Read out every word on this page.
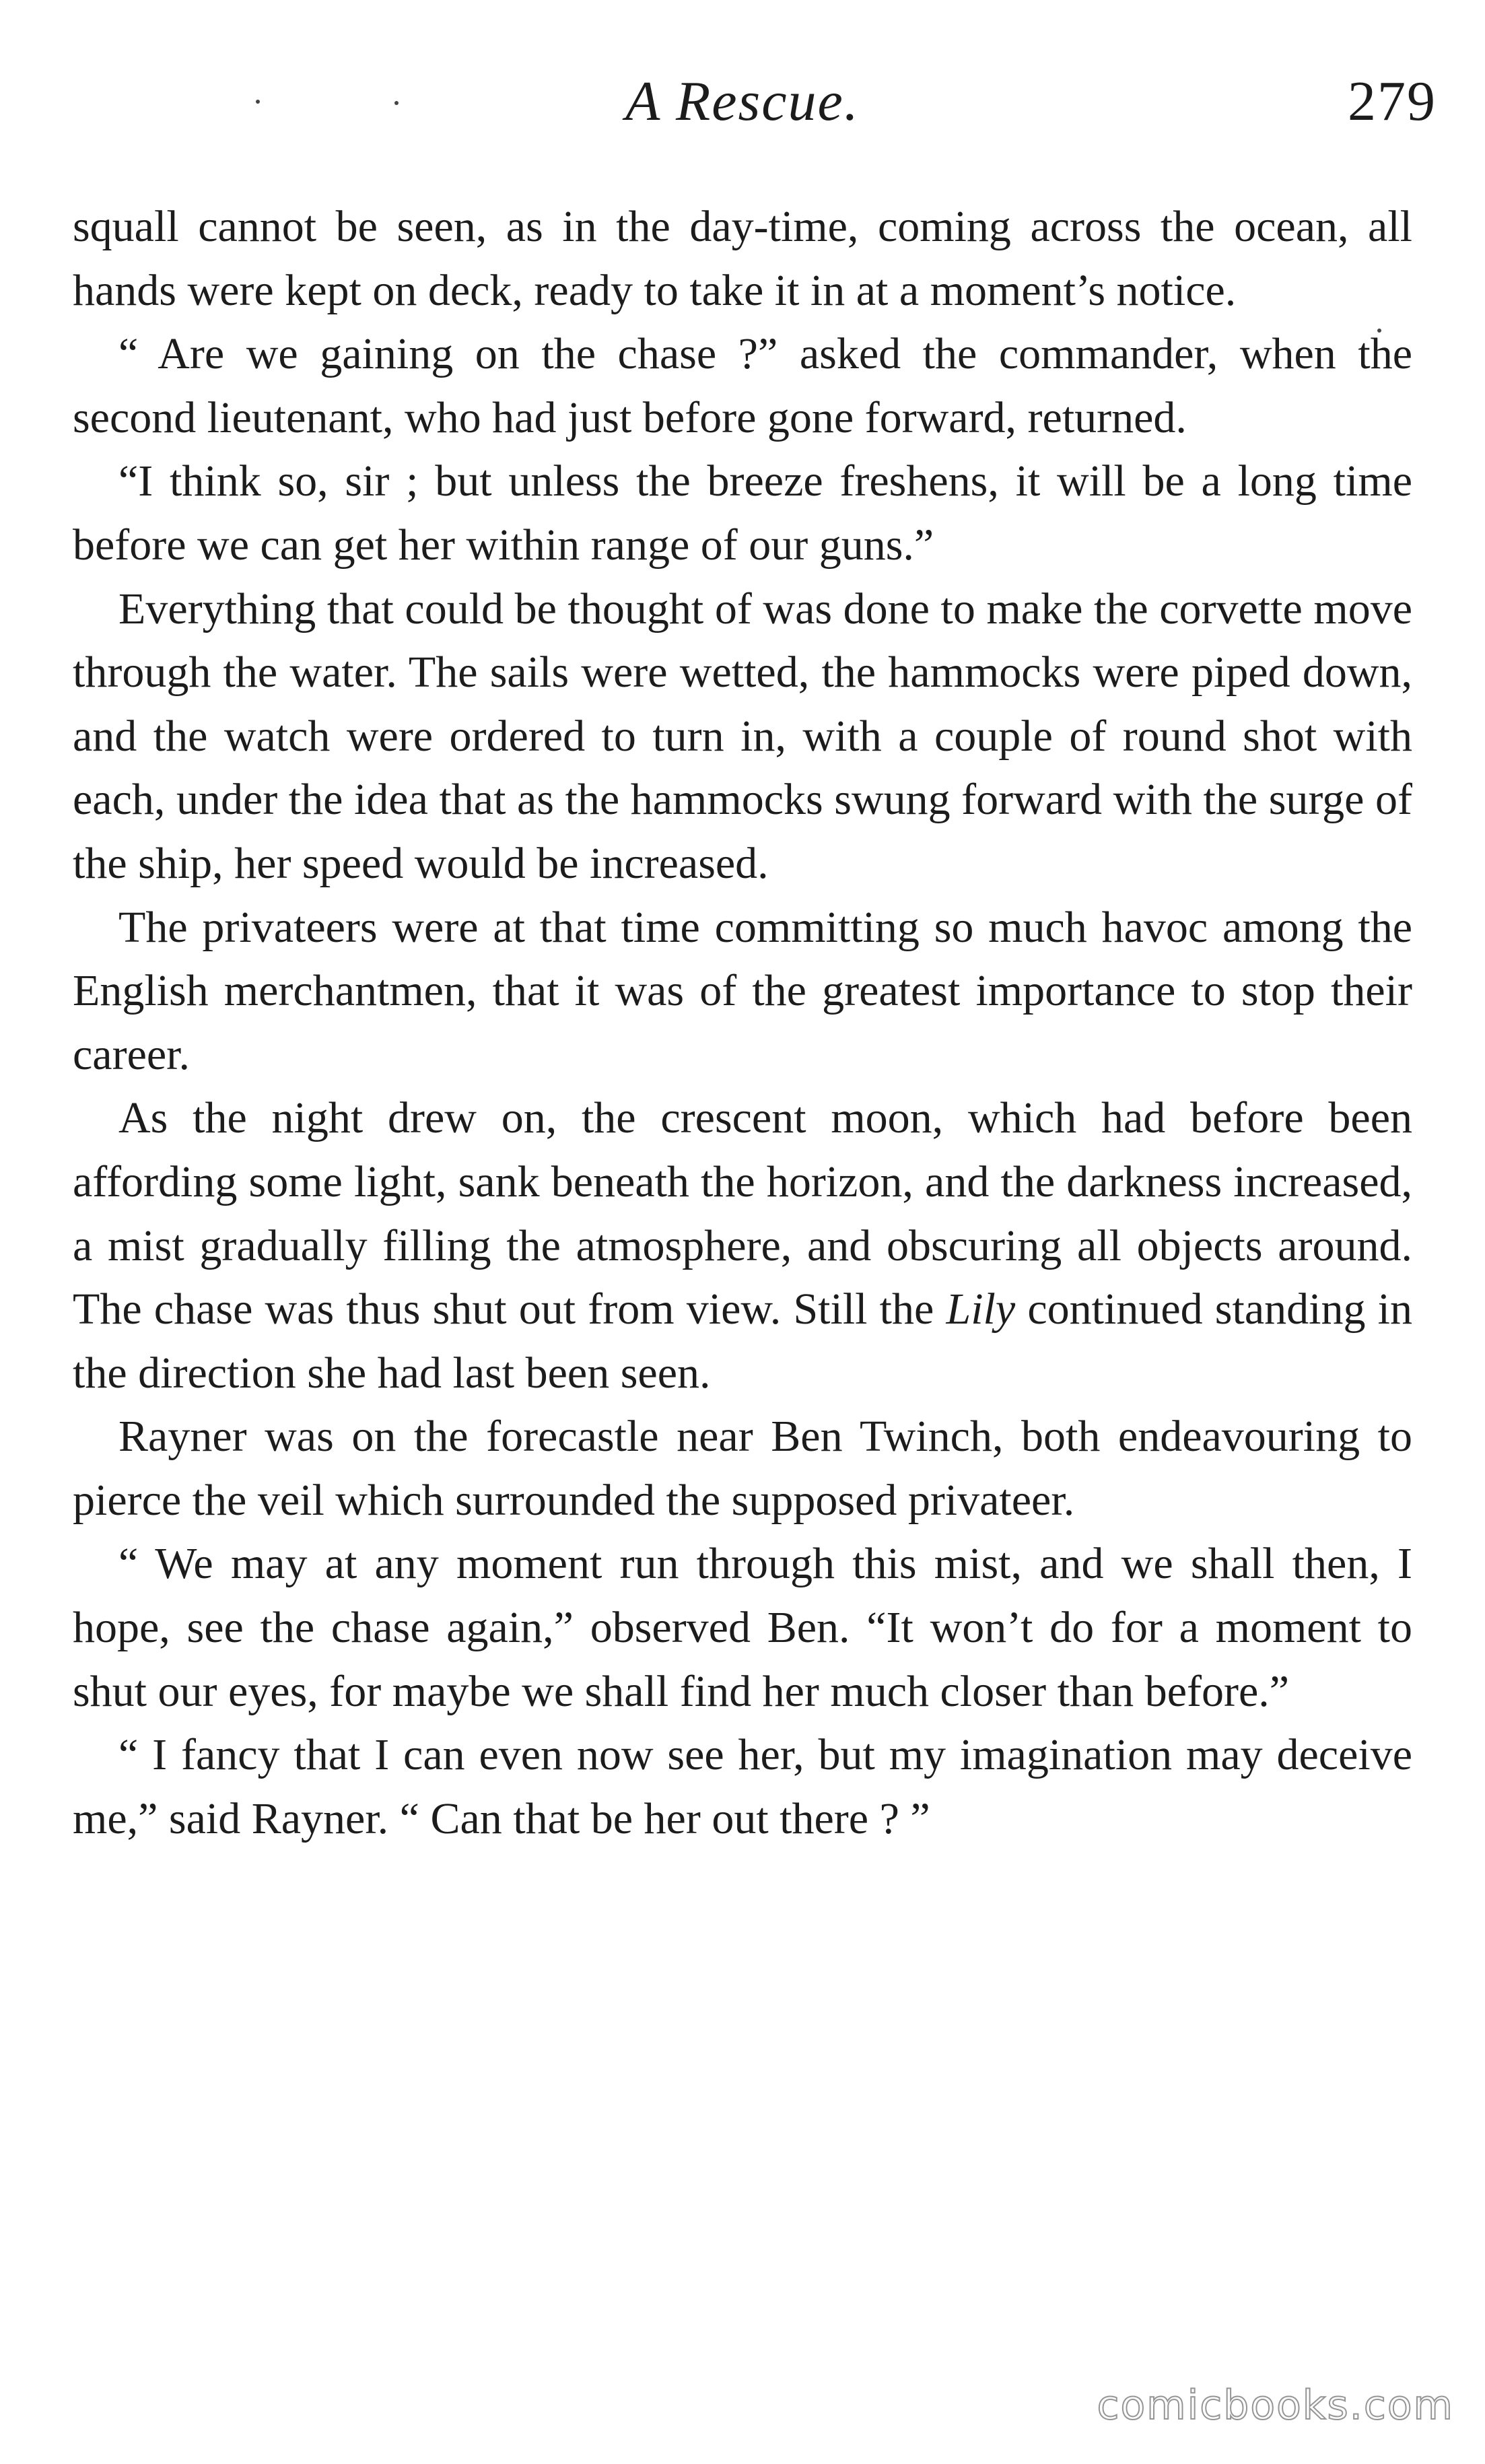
A Rescue.	279

squall cannot be seen, as in the day-time, coming across the ocean, all hands were kept on deck, ready to take it in at a moment’s notice.

“ Are we gaining on the chase ?” asked the commander, when the second lieutenant, who had just before gone forward, returned.

“I think so, sir ; but unless the breeze freshens, it will be a long time before we can get her within range of our guns.”

Everything that could be thought of was done to make the corvette move through the water. The sails were wetted, the hammocks were piped down, and the watch were ordered to turn in, with a couple of round shot with each, under the idea that as the hammocks swung forward with the surge of the ship, her speed would be increased.

The privateers were at that time committing so much havoc among the English merchantmen, that it was of the greatest importance to stop their career.

As the night drew on, the crescent moon, which had before been affording some light, sank beneath the horizon, and the darkness increased, a mist gradually filling the atmosphere, and obscuring all objects around. The chase was thus shut out from view. Still the Lily continued standing in the direction she had last been seen.

Rayner was on the forecastle near Ben Twinch, both endeavouring to pierce the veil which surrounded the supposed privateer.

“ We may at any moment run through this mist, and we shall then, I hope, see the chase again,” observed Ben. “It won’t do for a moment to shut our eyes, for maybe we shall find her much closer than before.”

“ I fancy that I can even now see her, but my imagination may deceive me,” said Rayner. “ Can that be her out there ? ”

comicbooks.com
